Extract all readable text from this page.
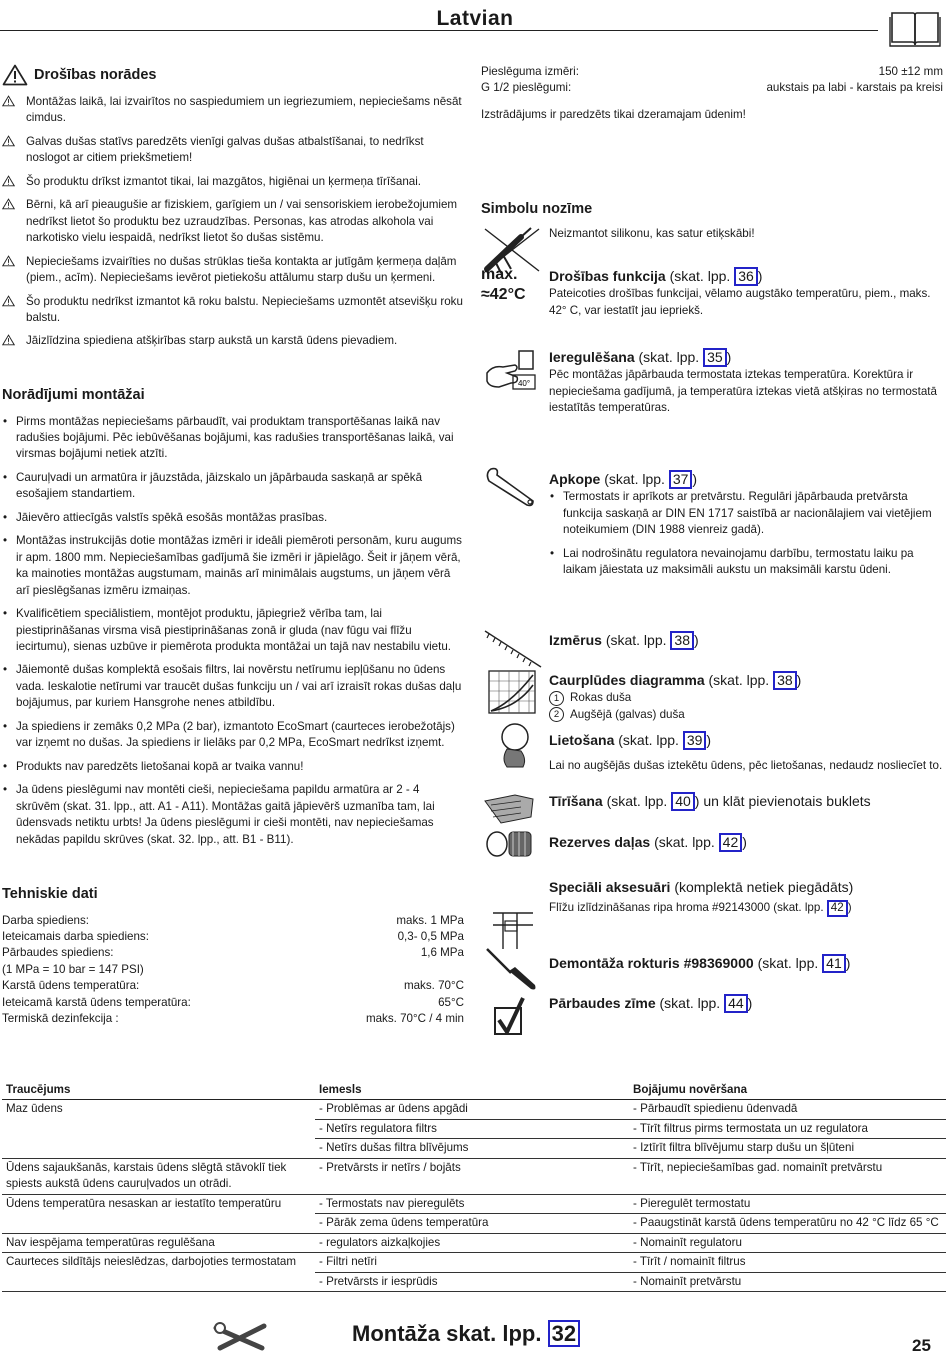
Latvian
Drošības norādes
Montāžas laikā, lai izvairītos no saspiedumiem un iegriezumiem, nepieciešams nēsāt cimdus.
Galvas dušas statīvs paredzēts vienīgi galvas dušas atbalstīšanai, to nedrīkst noslogot ar citiem priekšmetiem!
Šo produktu drīkst izmantot tikai, lai mazgātos, higiēnai un ķermeņa tīrīšanai.
Bērni, kā arī pieaugušie ar fiziskiem, garīgiem un / vai sensoriskiem ierobežojumiem nedrīkst lietot šo produktu bez uzraudzības. Personas, kas atrodas alkohola vai narkotisko vielu iespaidā, nedrīkst lietot šo dušas sistēmu.
Nepieciešams izvairīties no dušas strūklas tieša kontakta ar jutīgām ķermeņa daļām (piem., acīm). Nepieciešams ievērot pietiekošu attālumu starp dušu un ķermeni.
Šo produktu nedrīkst izmantot kā roku balstu. Nepieciešams uzmontēt atsevišķu roku balstu.
Jāizlīdzina spiediena atšķirības starp aukstā un karstā ūdens pievadiem.
Norādījumi montāžai
• Pirms montāžas nepieciešams pārbaudīt, vai produktam transportēšanas laikā nav radušies bojājumi. Pēc iebūvēšanas bojājumi, kas radušies transportēšanas laikā, vai virsmas bojājumi netiek atzīti.
• Cauruļvadi un armatūra ir jāuzstāda, jāizskalo un jāpārbauda saskaņā ar spēkā esošajiem standartiem.
• Jāievēro attiecīgās valstīs spēkā esošās montāžas prasības.
• Montāžas instrukcijās dotie montāžas izmēri ir ideāli piemēroti personām, kuru augums ir apm. 1800 mm. Nepieciešamības gadījumā šie izmēri ir jāpielāgo. Šeit ir jāņem vērā, ka mainoties montāžas augstumam, mainās arī minimālais augstums, un jāņem vērā arī pieslēgšanas izmēru izmaiņas.
• Kvalificētiem speciālistiem, montējot produktu, jāpiegriež vērība tam, lai piestiprināšanas virsma visā piestiprināšanas zonā ir gluda (nav fūgu vai flīžu iecirtumu), sienas uzbūve ir piemērota produkta montāžai un tajā nav nestabilu vietu.
• Jāiemontē dušas komplektā esošais filtrs, lai novērstu netīrumu iepļūšanu no ūdens vada. Ieskalotie netīrumi var traucēt dušas funkciju un / vai arī izraisīt rokas dušas daļu bojājumus, par kuriem Hansgrohe nenes atbildību.
• Ja spiediens ir zemāks 0,2 MPa (2 bar), izmantoto EcoSmart (caurteces ierobežotājs) var izņemt no dušas. Ja spiediens ir lielāks par 0,2 MPa, EcoSmart nedrīkst izņemt.
• Produkts nav paredzēts lietošanai kopā ar tvaika vannu!
• Ja ūdens pieslēgumi nav montēti cieši, nepieciešama papildu armatūra ar 2 - 4 skrūvēm (skat. 31. lpp., att. A1 - A11). Montāžas gaitā jāpievērš uzmanība tam, lai ūdensvads netiktu urbts! Ja ūdens pieslēgumi ir cieši montēti, nav nepieciešamas nekādas papildu skrūves (skat. 32. lpp., att. B1 - B11).
Tehniskie dati
Darba spiediens:	maks. 1 MPa
Ieteicamais darba spiediens:	0,3- 0,5 MPa
Pārbaudes spiediens:	1,6 MPa
(1 MPa = 10 bar = 147 PSI)
Karstā ūdens temperatūra:	maks. 70°C
Ieteicamā karstā ūdens temperatūra:	65°C
Termiskā dezinfekcija :	maks. 70°C / 4 min
Pieslēguma izmēri:	150 ±12 mm
G 1/2 pieslēgumi:	aukstais pa labi - karstais pa kreisi

Izstrādājums ir paredzēts tikai dzeramajam ūdenim!

Simbolu nozīme

Neizmantot silikonu, kas satur etiķskābi!

max.
≈42°C
Drošības funkcija (skat. lpp. 36 )

Pateicoties drošības funkcijai, vēlamo augstāko temperatūru, piem., maks. 42° C, var iestatīt jau iepriekš.

40°
Ieregulēšana (skat. lpp. 35 )

Pēc montāžas jāpārbauda termostata iztekas temperatūra. Korektūra ir nepieciešama gadījumā, ja temperatūra iztekas vietā atšķiras no termostatā iestatītās temperatūras.

Apkope (skat. lpp. 37 )
• Termostats ir aprīkots ar pretvārstu. Regulāri jāpārbauda pretvārsta funkcija saskaņā ar DIN EN 1717 saistībā ar nacionālajiem vai vietējiem noteikumiem (DIN 1988 vienreiz gadā).
• Lai nodrošinātu regulatora nevainojamu darbību, termostatu laiku pa laikam jāiestata uz maksimāli aukstu un maksimāli karstu ūdeni.
Izmērus (skat. lpp. 38 )
Caurplūdes diagramma (skat. lpp. 38 )
1 Rokas duša
2 Augšējā (galvas) duša
Lietošana (skat. lpp. 39 )

Lai no augšējās dušas iztekētu ūdens, pēc lietošanas, nedaudz nosliecīet to.

Tīrīšana (skat. lpp. 40 ) un klāt pievienotais buklets
Rezerves daļas (skat. lpp. 42 )
Speciāli aksesuāri (komplektā netiek piegādāts)

Flīžu izlīdzināšanas ripa hroma #92143000 (skat. lpp. 42 )

Demontāža rokturis #98369000 (skat. lpp. 41 )
Pārbaudes zīme (skat. lpp. 44 )
Traucējums	Iemesls	Bojājumu novēršana
Maz ūdens	- Problēmas ar ūdens apgādi	- Pārbaudīt spiedienu ūdenvadā
	- Netīrs regulatora filtrs	- Tīrīt filtrus pirms termostata un uz regulatora
	- Netīrs dušas filtra blīvējums	- Iztīrīt filtra blīvējumu starp dušu un šļūteni
Ūdens sajaukšanās, karstais ūdens slēgtā stāvoklī tiek spiests aukstā ūdens cauruļvados un otrādi.	- Pretvārsts ir netīrs / bojāts	- Tīrīt, nepieciešamības gad. nomainīt pretvārstu
Ūdens temperatūra nesaskan ar iestatīto temperatūru	- Termostats nav pieregulēts	- Pieregulēt termostatu
	- Pārāk zema ūdens temperatūra	- Paaugstināt karstā ūdens temperatūru no 42 °C līdz 65 °C
Nav iespējama temperatūras regulēšana	- regulators aizkaļkojies	- Nomainīt regulatoru
Caurteces sildītājs neieslēdzas, darbojoties termostatam	- Filtri netīri	- Tīrīt / nomainīt filtrus
	- Pretvārsts ir iesprūdis	- Nomainīt pretvārstu
Montāža skat. lpp. 32	25
